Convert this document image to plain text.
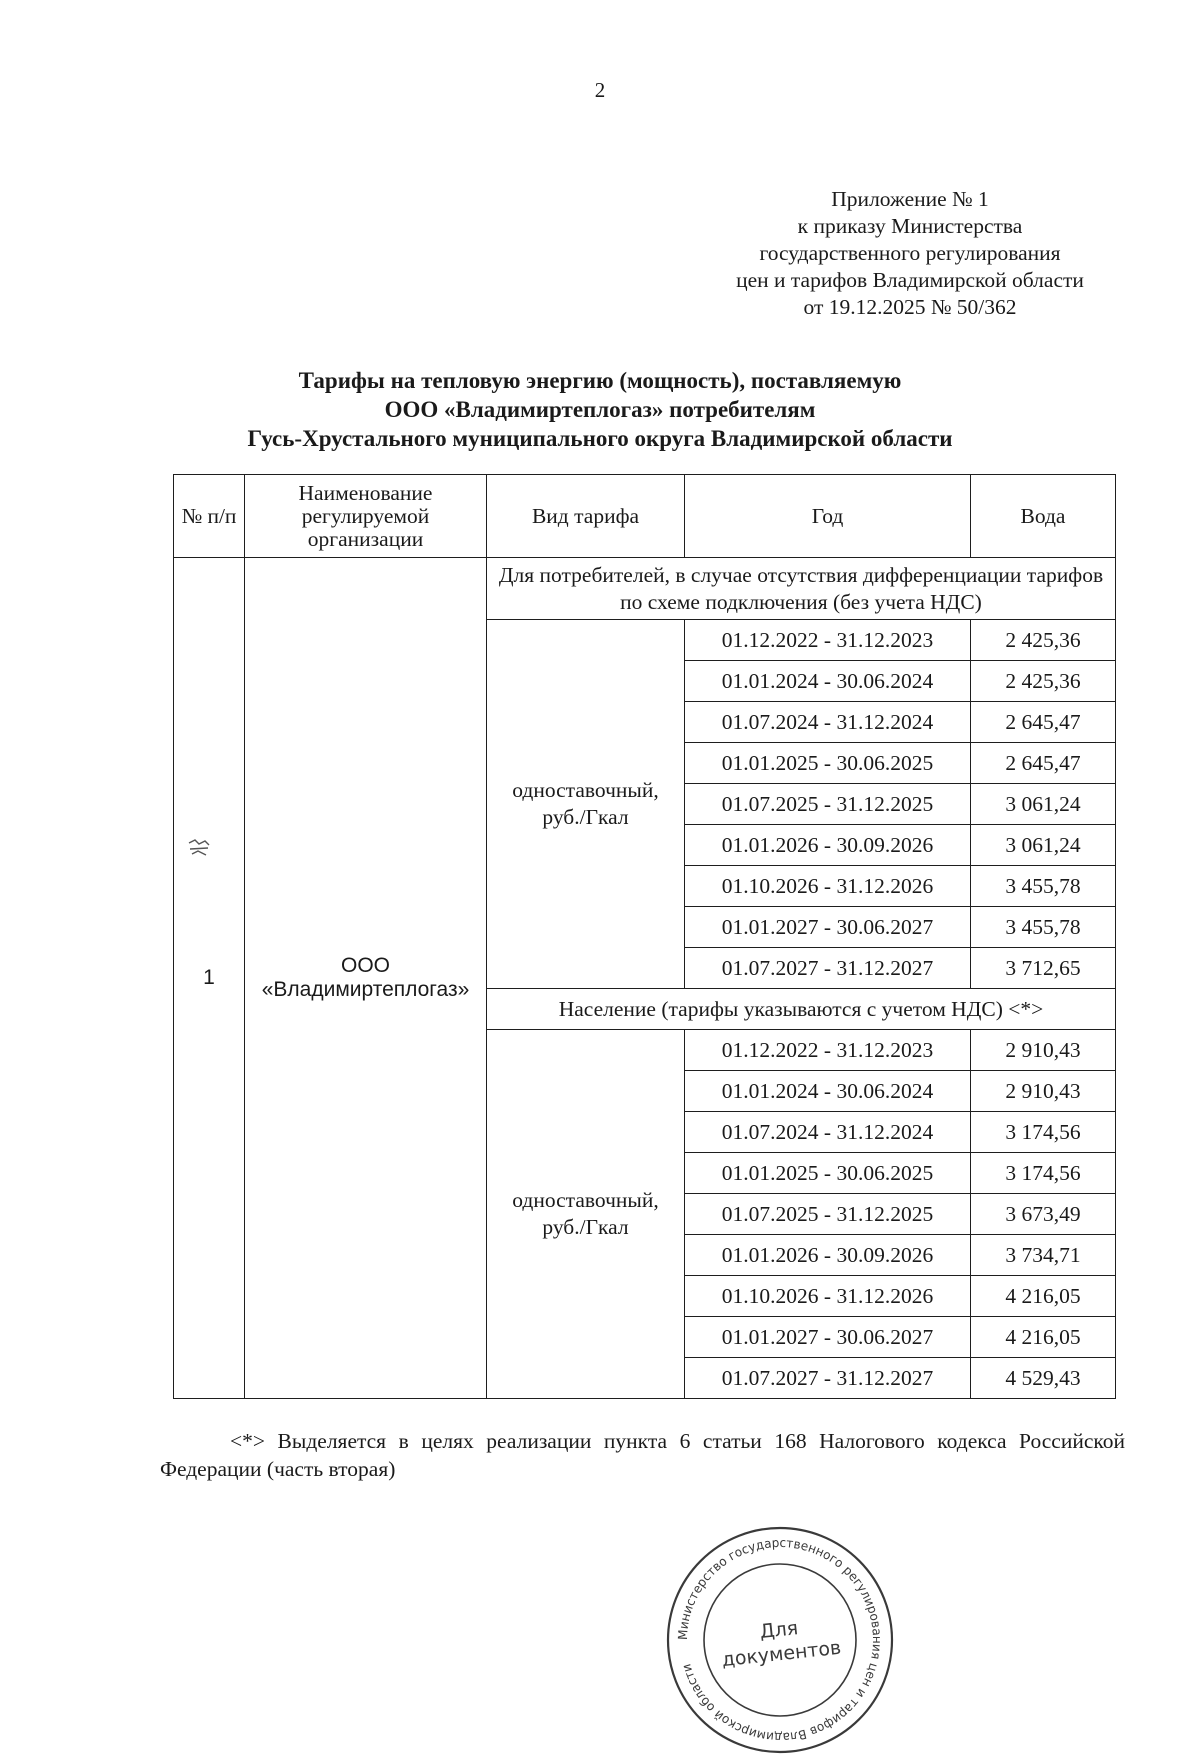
2
Приложение № 1
к приказу Министерства
государственного регулирования
цен и тарифов Владимирской области
от 19.12.2025 № 50/362
Тарифы на тепловую энергию (мощность), поставляемую
ООО «Владимиртеплогаз» потребителям
Гусь-Хрустального муниципального округа Владимирской области
№ п/п	Наименование регулируемой организации	Вид тарифа	Год	Вода
1	ООО «Владимиртеплогаз»	Для потребителей, в случае отсутствия дифференциации тарифов по схеме подключения (без учета НДС)		
		одноставочный, руб./Гкал	01.12.2022 - 31.12.2023	2 425,36
			01.01.2024 - 30.06.2024	2 425,36
			01.07.2024 - 31.12.2024	2 645,47
			01.01.2025 - 30.06.2025	2 645,47
			01.07.2025 - 31.12.2025	3 061,24
			01.01.2026 - 30.09.2026	3 061,24
			01.10.2026 - 31.12.2026	3 455,78
			01.01.2027 - 30.06.2027	3 455,78
			01.07.2027 - 31.12.2027	3 712,65
		Население (тарифы указываются с учетом НДС) <*>		
		одноставочный, руб./Гкал	01.12.2022 - 31.12.2023	2 910,43
			01.01.2024 - 30.06.2024	2 910,43
			01.07.2024 - 31.12.2024	3 174,56
			01.01.2025 - 30.06.2025	3 174,56
			01.07.2025 - 31.12.2025	3 673,49
			01.01.2026 - 30.09.2026	3 734,71
			01.10.2026 - 31.12.2026	4 216,05
			01.01.2027 - 30.06.2027	4 216,05
			01.07.2027 - 31.12.2027	4 529,43
<*> Выделяется в целях реализации пункта 6 статьи 168 Налогового кодекса Российской Федерации (часть вторая)
Министерство государственного регулирования цен и тарифов Владимирской области
Для
документов
